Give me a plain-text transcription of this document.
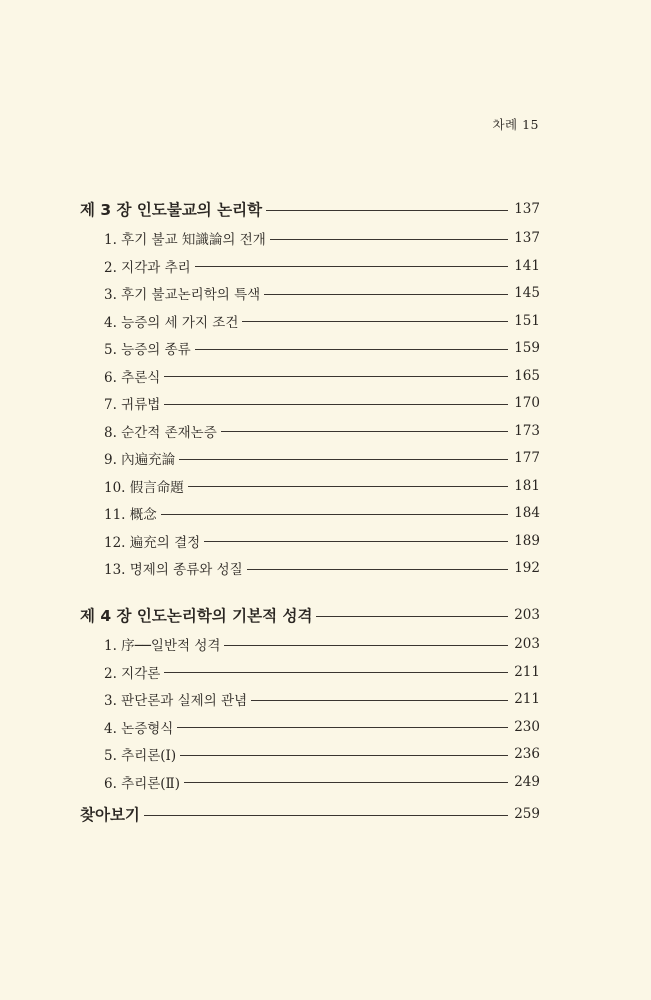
차례 15
제 3 장 인도불교의 논리학	137
1. 후기 불교 知識論의 전개	137
2. 지각과 추리	141
3. 후기 불교논리학의 특색	145
4. 능증의 세 가지 조건	151
5. 능증의 종류	159
6. 추론식	165
7. 귀류법	170
8. 순간적 존재논증	173
9. 內遍充論	177
10. 假言命題	181
11. 概念	184
12. 遍充의 결정	189
13. 명제의 종류와 성질	192
제 4 장 인도논리학의 기본적 성격	203
1. 序──일반적 성격	203
2. 지각론	211
3. 판단론과 실제의 관념	211
4. 논증형식	230
5. 추리론(Ⅰ)	236
6. 추리론(Ⅱ)	249
찾아보기	259
